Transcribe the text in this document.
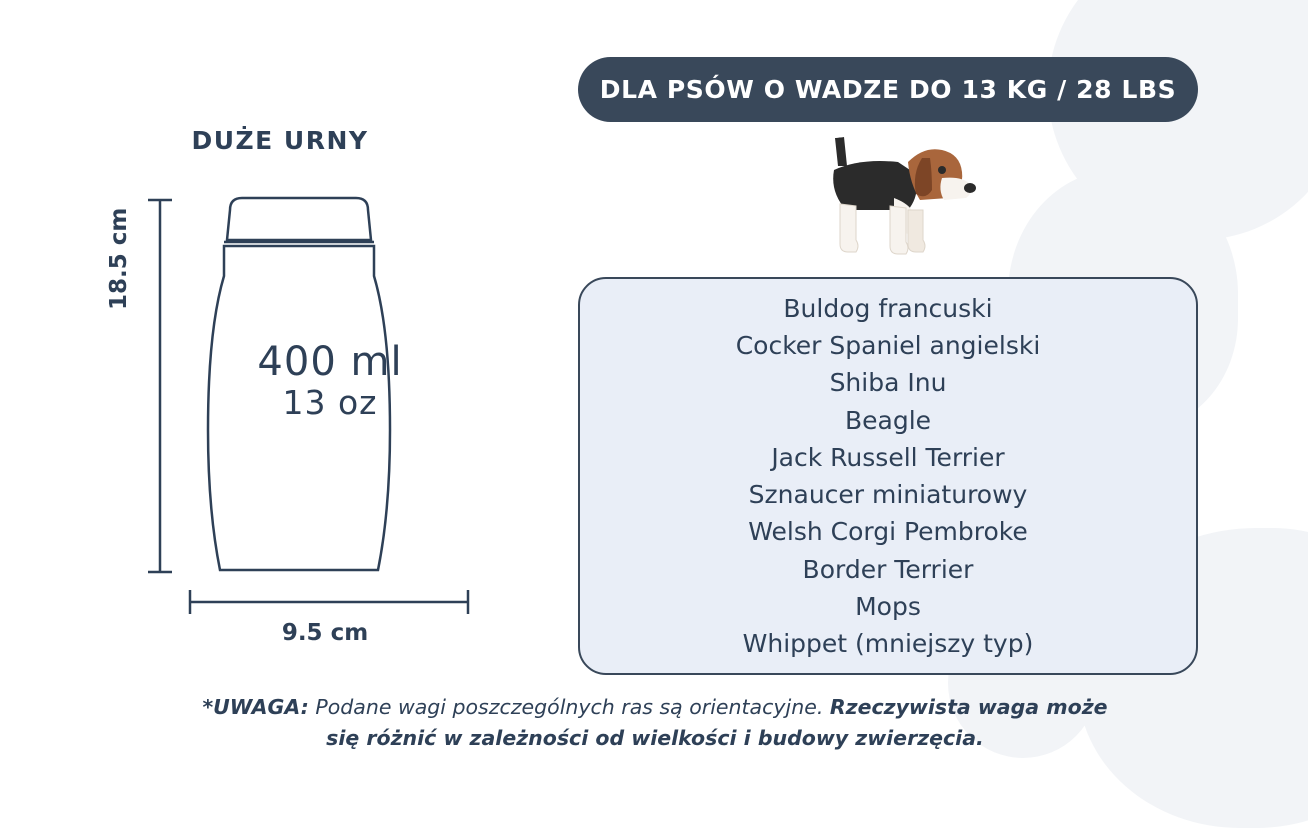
DUŻE URNY
400 ml
13 oz
18.5 cm
9.5 cm
DLA PSÓW O WADZE DO 13 KG / 28 LBS
Buldog francuski
Cocker Spaniel angielski
Shiba Inu
Beagle
Jack Russell Terrier
Sznaucer miniaturowy
Welsh Corgi Pembroke
Border Terrier
Mops
Whippet (mniejszy typ)
*UWAGA: Podane wagi poszczególnych ras są orientacyjne. Rzeczywista waga może się różnić w zależności od wielkości i budowy zwierzęcia.
